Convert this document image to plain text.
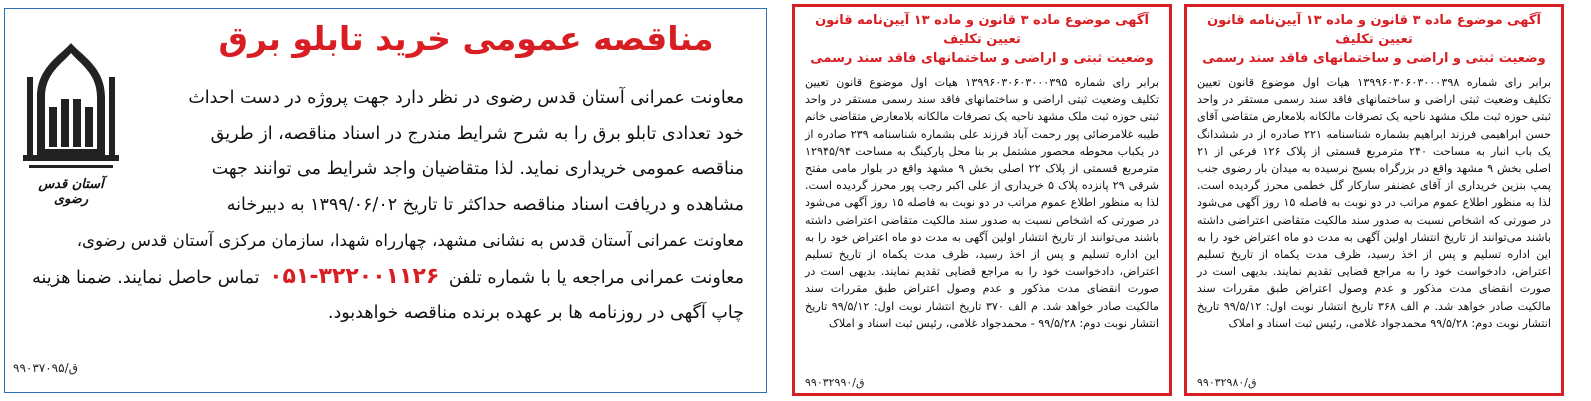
مناقصه عمومی خرید تابلو برق
معاونت عمرانی آستان قدس رضوی در نظر دارد جهت پروژه در دست احداث
خود تعدادی تابلو برق را به شرح شرایط مندرج در اسناد مناقصه، از طریق
مناقصه عمومی خریداری نماید. لذا متقاضیان واجد شرایط می توانند جهت
مشاهده و دریافت اسناد مناقصه حداکثر تا تاریخ ۱۳۹۹/۰۶/۰۲ به دبیرخانه
معاونت عمرانی آستان قدس به نشانی مشهد، چهارراه شهدا، سازمان مرکزی آستان قدس رضوی،
معاونت عمرانی مراجعه یا با شماره تلفن ۰۵۱-۳۲۲۰۰۱۱۲۶ تماس حاصل نمایند. ضمنا هزینه
چاپ آگهی در روزنامه ها بر عهده برنده مناقصه خواهدبود.
آستان قدس رضوی
ق/۹۹۰۳۷۰۹۵
آگهی موضوع ماده ۳ قانون و ماده ۱۳ آیین‌نامه قانون تعیین تکلیف
وضعیت ثبتی و اراضی و ساختمانهای فاقد سند رسمی
برابر رای شماره ۱۳۹۹۶۰۳۰۶۰۳۰۰۰۳۹۵ هیات اول موضوع قانون تعیین تکلیف وضعیت ثبتی اراضی و ساختمانهای فاقد سند رسمی مستقر در واحد ثبتی حوزه ثبت ملک مشهد ناحیه یک تصرفات مالکانه بلامعارض متقاضی خانم طیبه غلامرضائی پور رحمت آباد فرزند علی بشماره شناسنامه ۲۳۹ صادره از در یکباب محوطه محصور مشتمل بر بنا محل پارکینگ به مساحت ۱۲۹۴۵/۹۴ مترمربع قسمتی از پلاک ۲۲ اصلی بخش ۹ مشهد واقع در بلوار مامی مفتح شرقی ۲۹ پانزده پلاک ۵ خریداری از علی اکبر رجب پور محرز گردیده است. لذا به منظور اطلاع عموم مراتب در دو نوبت به فاصله ۱۵ روز آگهی می‌شود در صورتی که اشخاص نسبت به صدور سند مالکیت متقاضی اعتراضی داشته باشند می‌توانند از تاریخ انتشار اولین آگهی به مدت دو ماه اعتراض خود را به این اداره تسلیم و پس از اخذ رسید، ظرف مدت یکماه از تاریخ تسلیم اعتراض، دادخواست خود را به مراجع قضایی تقدیم نمایند. بدیهی است در صورت انقضای مدت مذکور و عدم وصول اعتراض طبق مقررات سند مالکیت صادر خواهد شد. م الف ۳۷۰ تاریخ انتشار نوبت اول: ۹۹/۵/۱۲ تاریخ انتشار نوبت دوم: ۹۹/۵/۲۸ - محمدجواد غلامی، رئیس ثبت اسناد و املاک
ق/۹۹۰۳۲۹۹۰
آگهی موضوع ماده ۳ قانون و ماده ۱۳ آیین‌نامه قانون تعیین تکلیف
وضعیت ثبتی و اراضی و ساختمانهای فاقد سند رسمی
برابر رای شماره ۱۳۹۹۶۰۳۰۶۰۳۰۰۰۳۹۸ هیات اول موضوع قانون تعیین تکلیف وضعیت ثبتی اراضی و ساختمانهای فاقد سند رسمی مستقر در واحد ثبتی حوزه ثبت ملک مشهد ناحیه یک تصرفات مالکانه بلامعارض متقاضی آقای حسن ابراهیمی فرزند ابراهیم بشماره شناسنامه ۲۲۱ صادره از در ششدانگ یک باب انبار به مساحت ۲۴۰ مترمربع قسمتی از پلاک ۱۲۶ فرعی از ۲۱ اصلی بخش ۹ مشهد واقع در بزرگراه بسیج نرسیده به میدان بار رضوی جنب پمپ بنزین خریداری از آقای غضنفر سارکار گل خطمی محرز گردیده است. لذا به منظور اطلاع عموم مراتب در دو نوبت به فاصله ۱۵ روز آگهی می‌شود در صورتی که اشخاص نسبت به صدور سند مالکیت متقاضی اعتراضی داشته باشند می‌توانند از تاریخ انتشار اولین آگهی به مدت دو ماه اعتراض خود را به این اداره تسلیم و پس از اخذ رسید، ظرف مدت یکماه از تاریخ تسلیم اعتراض، دادخواست خود را به مراجع قضایی تقدیم نمایند. بدیهی است در صورت انقضای مدت مذکور و عدم وصول اعتراض طبق مقررات سند مالکیت صادر خواهد شد. م الف ۳۶۸ تاریخ انتشار نوبت اول: ۹۹/۵/۱۲ تاریخ انتشار نوبت دوم: ۹۹/۵/۲۸ محمدجواد غلامی، رئیس ثبت اسناد و املاک
ق/۹۹۰۳۲۹۸۰
